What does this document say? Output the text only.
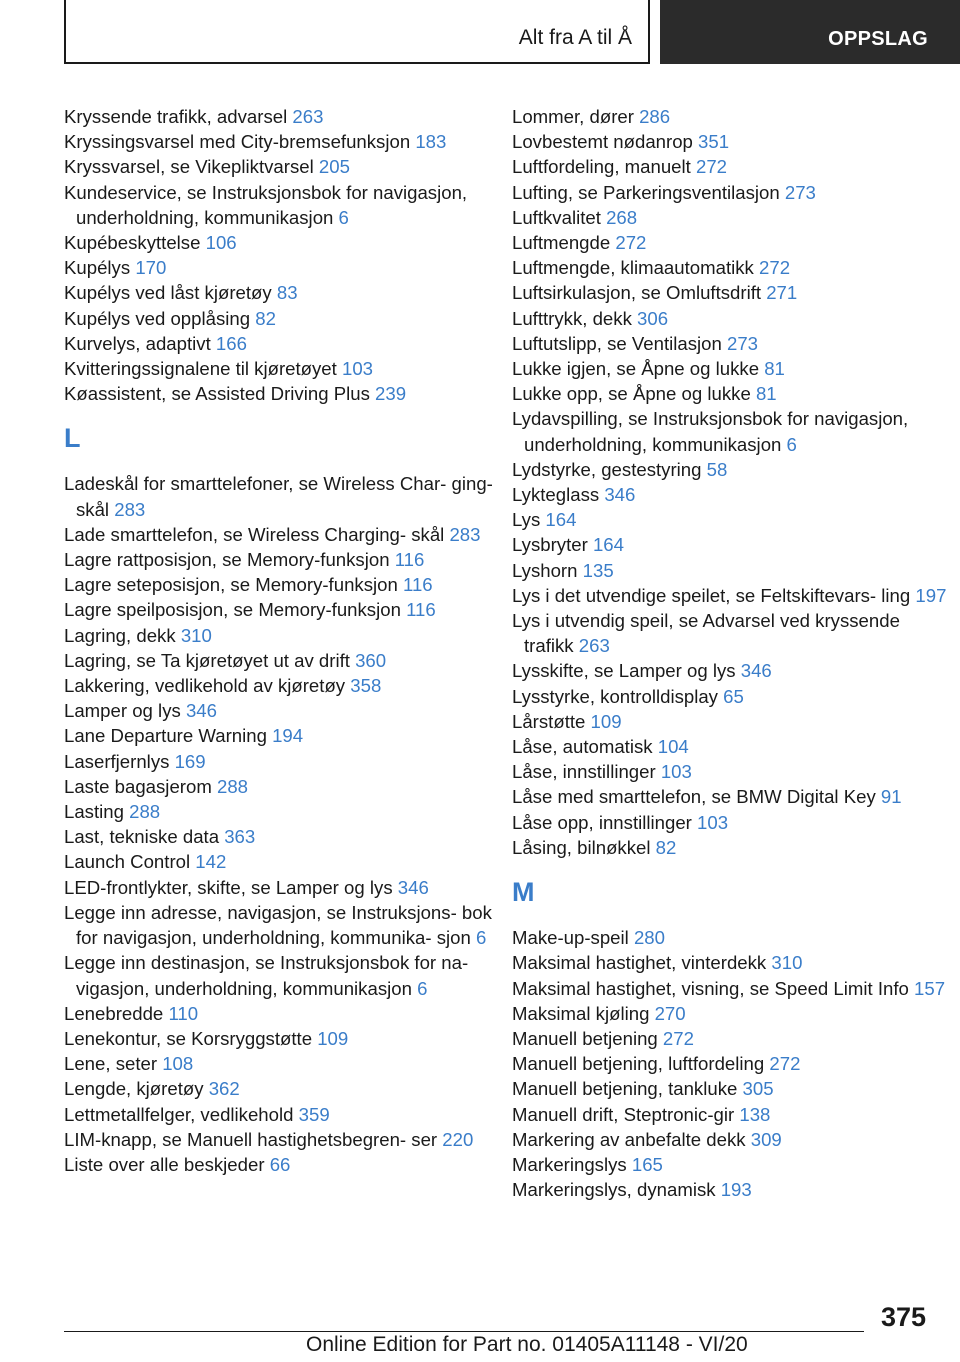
Alt fra A til Å	OPPSLAG
Kryssende trafikk, advarsel 263
Kryssingsvarsel med City-bremsefunksjon 183
Kryssvarsel, se Vikepliktvarsel 205
Kundeservice, se Instruksjonsbok for navigasjon, underholdning, kommunikasjon 6
Kupébeskyttelse 106
Kupélys 170
Kupélys ved låst kjøretøy 83
Kupélys ved opplåsing 82
Kurvelys, adaptivt 166
Kvitteringssignalene til kjøretøyet 103
Køassistent, se Assisted Driving Plus 239
L
Ladeskål for smarttelefoner, se Wireless Char‐ ging-skål 283
Lade smarttelefon, se Wireless Charging- skål 283
Lagre rattposisjon, se Memory-funksjon 116
Lagre seteposisjon, se Memory-funksjon 116
Lagre speilposisjon, se Memory-funksjon 116
Lagring, dekk 310
Lagring, se Ta kjøretøyet ut av drift 360
Lakkering, vedlikehold av kjøretøy 358
Lamper og lys 346
Lane Departure Warning 194
Laserfjernlys 169
Laste bagasjerom 288
Lasting 288
Last, tekniske data 363
Launch Control 142
LED-frontlykter, skifte, se Lamper og lys 346
Legge inn adresse, navigasjon, se Instruksjons‐ bok for navigasjon, underholdning, kommunika‐ sjon 6
Legge inn destinasjon, se Instruksjonsbok for na‐ vigasjon, underholdning, kommunikasjon 6
Lenebredde 110
Lenekontur, se Korsryggstøtte 109
Lene, seter 108
Lengde, kjøretøy 362
Lettmetallfelger, vedlikehold 359
LIM-knapp, se Manuell hastighetsbegren‐ ser 220
Liste over alle beskjeder 66
Lommer, dører 286
Lovbestemt nødanrop 351
Luftfordeling, manuelt 272
Lufting, se Parkeringsventilasjon 273
Luftkvalitet 268
Luftmengde 272
Luftmengde, klimaautomatikk 272
Luftsirkulasjon, se Omluftsdrift 271
Lufttrykk, dekk 306
Luftutslipp, se Ventilasjon 273
Lukke igjen, se Åpne og lukke 81
Lukke opp, se Åpne og lukke 81
Lydavspilling, se Instruksjonsbok for navigasjon, underholdning, kommunikasjon 6
Lydstyrke, gestestyring 58
Lykteglass 346
Lys 164
Lysbryter 164
Lyshorn 135
Lys i det utvendige speilet, se Feltskiftevars‐ ling 197
Lys i utvendig speil, se Advarsel ved kryssende trafikk 263
Lysskifte, se Lamper og lys 346
Lysstyrke, kontrolldisplay 65
Lårstøtte 109
Låse, automatisk 104
Låse, innstillinger 103
Låse med smarttelefon, se BMW Digital Key 91
Låse opp, innstillinger 103
Låsing, bilnøkkel 82
M
Make-up-speil 280
Maksimal hastighet, vinterdekk 310
Maksimal hastighet, visning, se Speed Limit Info 157
Maksimal kjøling 270
Manuell betjening 272
Manuell betjening, luftfordeling 272
Manuell betjening, tankluke 305
Manuell drift, Steptronic-gir 138
Markering av anbefalte dekk 309
Markeringslys 165
Markeringslys, dynamisk 193
375
Online Edition for Part no. 01405A11148 - VI/20
